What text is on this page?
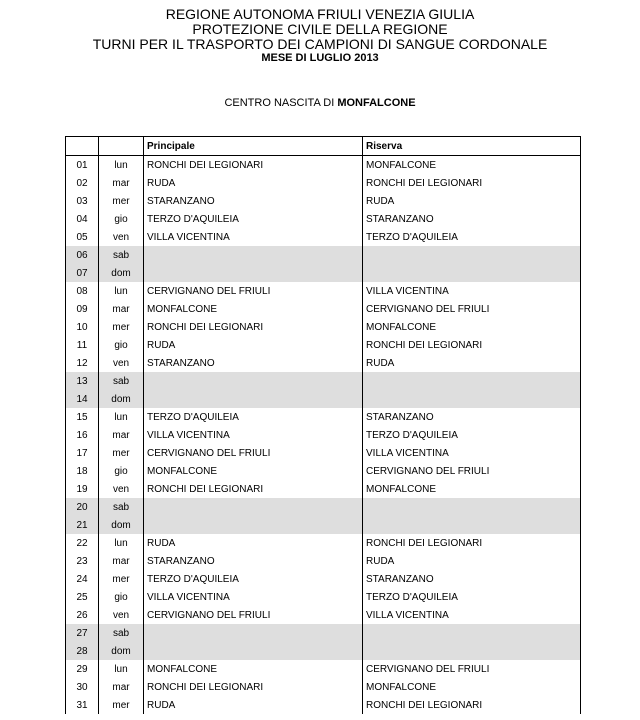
REGIONE AUTONOMA FRIULI VENEZIA GIULIA
PROTEZIONE CIVILE DELLA REGIONE
TURNI PER IL TRASPORTO DEI CAMPIONI DI SANGUE CORDONALE
MESE DI LUGLIO 2013
CENTRO NASCITA DI MONFALCONE
		Principale	Riserva
01	lun	RONCHI DEI LEGIONARI	MONFALCONE
02	mar	RUDA	RONCHI DEI LEGIONARI
03	mer	STARANZANO	RUDA
04	gio	TERZO D'AQUILEIA	STARANZANO
05	ven	VILLA VICENTINA	TERZO D'AQUILEIA
06	sab		
07	dom		
08	lun	CERVIGNANO DEL FRIULI	VILLA VICENTINA
09	mar	MONFALCONE	CERVIGNANO DEL FRIULI
10	mer	RONCHI DEI LEGIONARI	MONFALCONE
11	gio	RUDA	RONCHI DEI LEGIONARI
12	ven	STARANZANO	RUDA
13	sab		
14	dom		
15	lun	TERZO D'AQUILEIA	STARANZANO
16	mar	VILLA VICENTINA	TERZO D'AQUILEIA
17	mer	CERVIGNANO DEL FRIULI	VILLA VICENTINA
18	gio	MONFALCONE	CERVIGNANO DEL FRIULI
19	ven	RONCHI DEI LEGIONARI	MONFALCONE
20	sab		
21	dom		
22	lun	RUDA	RONCHI DEI LEGIONARI
23	mar	STARANZANO	RUDA
24	mer	TERZO D'AQUILEIA	STARANZANO
25	gio	VILLA VICENTINA	TERZO D'AQUILEIA
26	ven	CERVIGNANO DEL FRIULI	VILLA VICENTINA
27	sab		
28	dom		
29	lun	MONFALCONE	CERVIGNANO DEL FRIULI
30	mar	RONCHI DEI LEGIONARI	MONFALCONE
31	mer	RUDA	RONCHI DEI LEGIONARI
